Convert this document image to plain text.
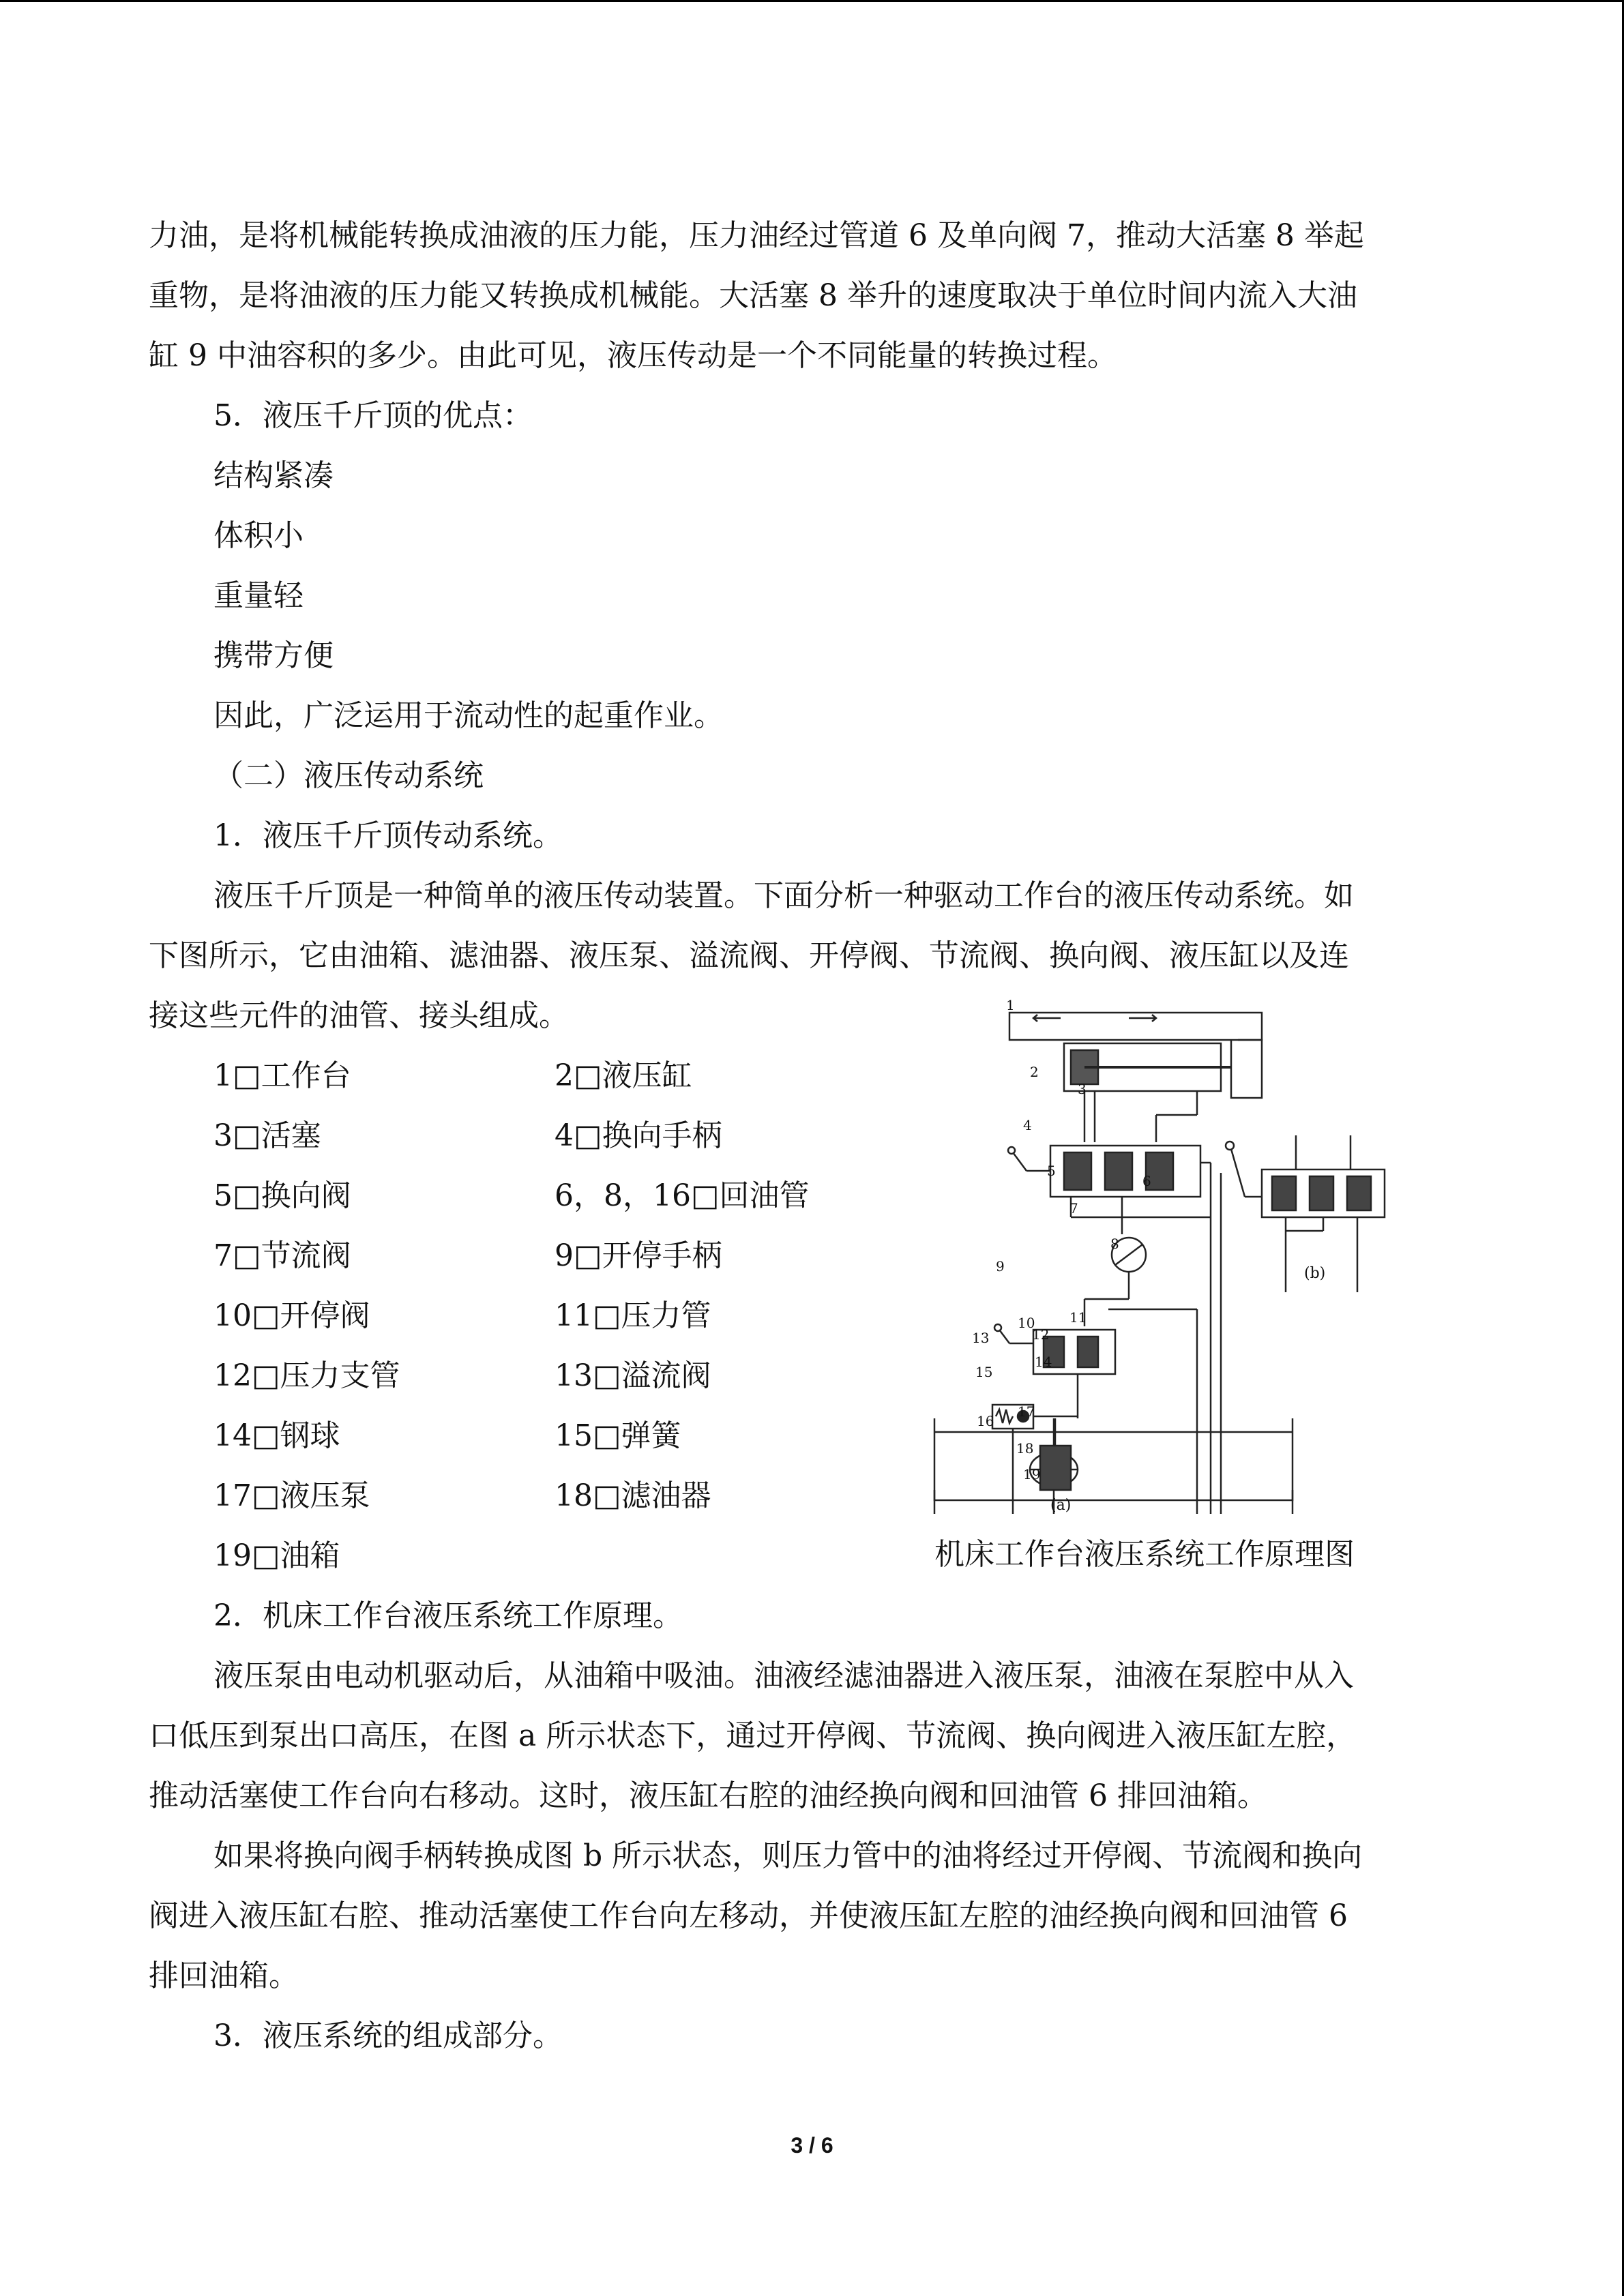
力油，是将机械能转换成油液的压力能，压力油经过管道 6 及单向阀 7，推动大活塞 8 举起
重物，是将油液的压力能又转换成机械能。大活塞 8 举升的速度取决于单位时间内流入大油
缸 9 中油容积的多少。由此可见，液压传动是一个不同能量的转换过程。
5．液压千斤顶的优点：
结构紧凑
体积小
重量轻
携带方便
因此，广泛运用于流动性的起重作业。
（二）液压传动系统
1．液压千斤顶传动系统。
液压千斤顶是一种简单的液压传动装置。下面分析一种驱动工作台的液压传动系统。如
下图所示，它由油箱、滤油器、液压泵、溢流阀、开停阀、节流阀、换向阀、液压缸以及连
接这些元件的油管、接头组成。
1□工作台	2□液压缸
3□活塞	4□换向手柄
5□换向阀	6，8，16□回油管
7□节流阀	9□开停手柄
10□开停阀	11□压力管
12□压力支管	13□溢流阀
14□钢球	15□弹簧
17□液压泵	18□滤油器
19□油箱
(b)
(a)
1
2
3
4
5
6
7
8
9
10	11
12
13
14
15
16
17
18
19
机床工作台液压系统工作原理图
2．机床工作台液压系统工作原理。
液压泵由电动机驱动后，从油箱中吸油。油液经滤油器进入液压泵，油液在泵腔中从入
口低压到泵出口高压，在图 a 所示状态下，通过开停阀、节流阀、换向阀进入液压缸左腔，
推动活塞使工作台向右移动。这时，液压缸右腔的油经换向阀和回油管 6 排回油箱。
如果将换向阀手柄转换成图 b 所示状态，则压力管中的油将经过开停阀、节流阀和换向
阀进入液压缸右腔、推动活塞使工作台向左移动，并使液压缸左腔的油经换向阀和回油管 6
排回油箱。
3．液压系统的组成部分。
3 / 6
